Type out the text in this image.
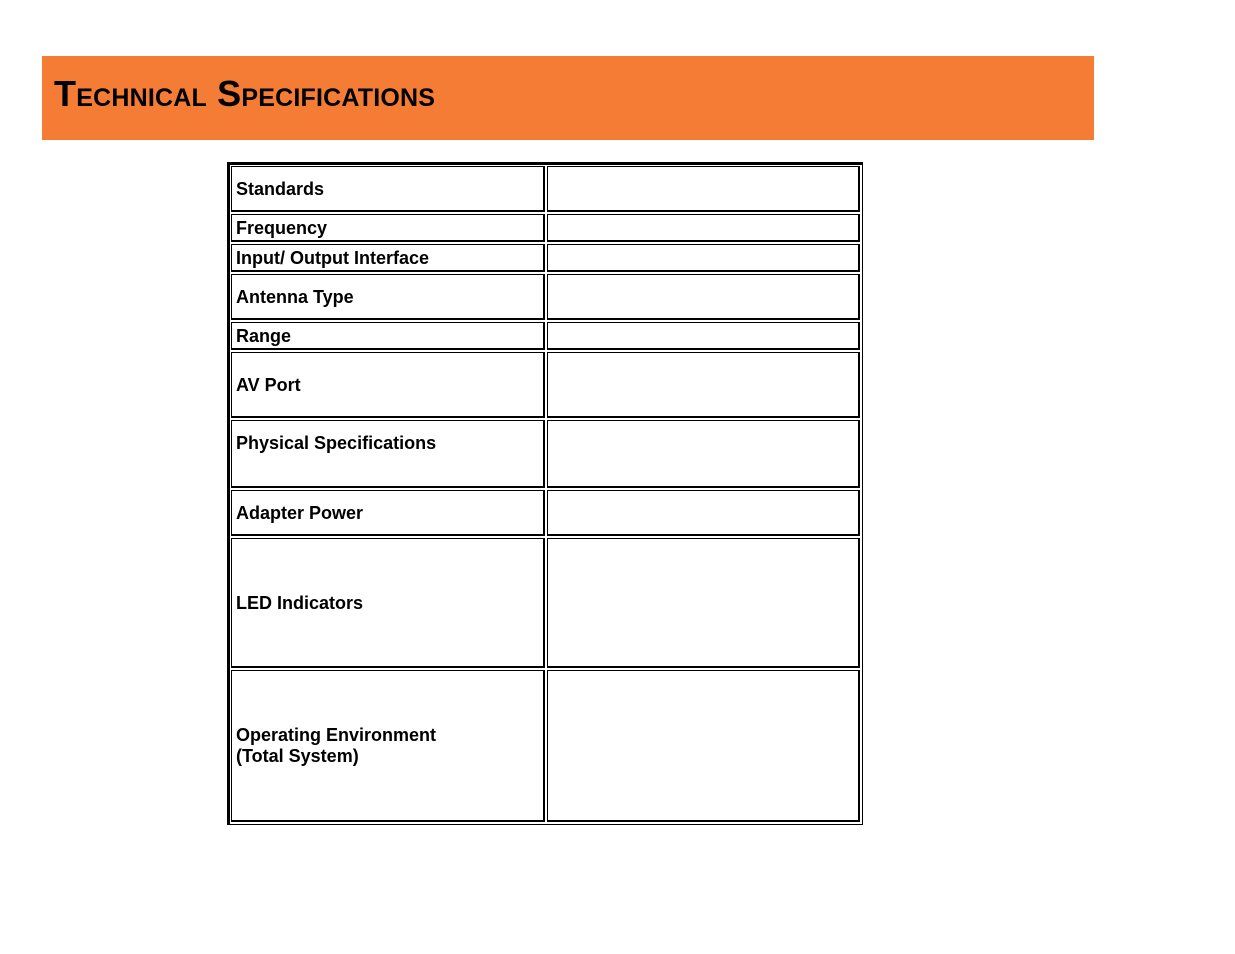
Technical Specifications
Standards	
Frequency	
Input/ Output Interface	
Antenna Type	
Range	
AV Port	
Physical Specifications	
Adapter Power	
LED Indicators	
Operating Environment
(Total System)	
